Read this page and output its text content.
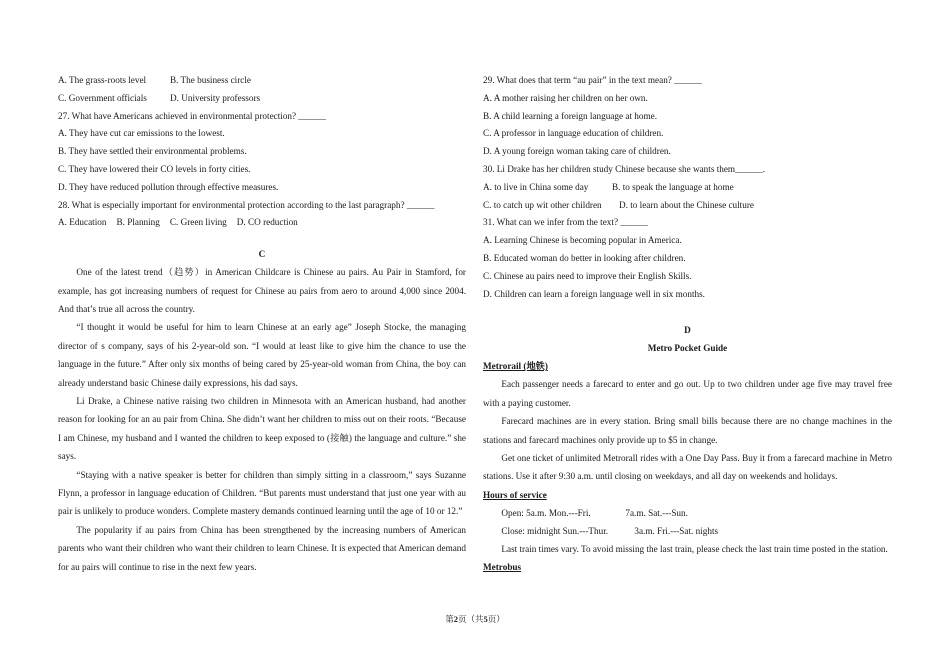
A. The grass-roots level	B. The business circle
C. Government officials	D. University professors
27. What have Americans achieved in environmental protection? ______
A. They have cut car emissions to the lowest.
B. They have settled their environmental problems.
C. They have lowered their CO levels in forty cities.
D. They have reduced pollution through effective measures.
28. What is especially important for environmental protection according to the last paragraph? ______
A. Education B. Planning C. Green living D. CO reduction
C

One of the latest trend（趋势）in American Childcare is Chinese au pairs. Au Pair in Stamford, for example, has got increasing numbers of request for Chinese au pairs from aero to around 4,000 since 2004. And that’s true all across the country.

“I thought it would be useful for him to learn Chinese at an early age” Joseph Stocke, the managing director of s company, says of his 2-year-old son. “I would at least like to give him the chance to use the language in the future.” After only six months of being cared by 25-year-old woman from China, the boy can already understand basic Chinese daily expressions, his dad says.

Li Drake, a Chinese native raising two children in Minnesota with an American husband, had another reason for looking for an au pair from China. She didn’t want her children to miss out on their roots. “Because I am Chinese, my husband and I wanted the children to keep exposed to (接触) the language and culture.” she says.

“Staying with a native speaker is better for children than simply sitting in a classroom,” says Suzanne Flynn, a professor in language education of Children. “But parents must understand that just one year with au pair is unlikely to produce wonders. Complete mastery demands continued learning until the age of 10 or 12.”

The popularity if au pairs from China has been strengthened by the increasing numbers of American parents who want their children who want their children to learn Chinese. It is expected that American demand for au pairs will continue to rise in the next few years.

29. What does that term “au pair” in the text mean? ______
A. A mother raising her children on her own.
B. A child learning a foreign language at home.
C. A professor in language education of children.
D. A young foreign woman taking care of children.
30. Li Drake has her children study Chinese because she wants them______.
A. to live in China some day	B. to speak the language at home
C. to catch up wit other children D. to learn about the Chinese culture
31. What can we infer from the text? ______
A. Learning Chinese is becoming popular in America.
B. Educated woman do better in looking after children.
C. Chinese au pairs need to improve their English Skills.
D. Children can learn a foreign language well in six months.
D
Metro Pocket Guide
Metrorail (地铁)

Each passenger needs a farecard to enter and go out. Up to two children under age five may travel free with a paying customer.

Farecard machines are in every station. Bring small bills because there are no change machines in the stations and farecard machines only provide up to $5 in change.

Get one ticket of unlimited Metrorall rides with a One Day Pass. Buy it from a farecard machine in Metro stations. Use it after 9:30 a.m. until closing on weekdays, and all day on weekends and holidays.

Hours of service
Open: 5a.m. Mon.---Fri.	7a.m. Sat.---Sun.
Close: midnight Sun.---Thur.	3a.m. Fri.---Sat. nights

Last train times vary. To avoid missing the last train, please check the last train time posted in the station.

Metrobus
第2页（共5页）
